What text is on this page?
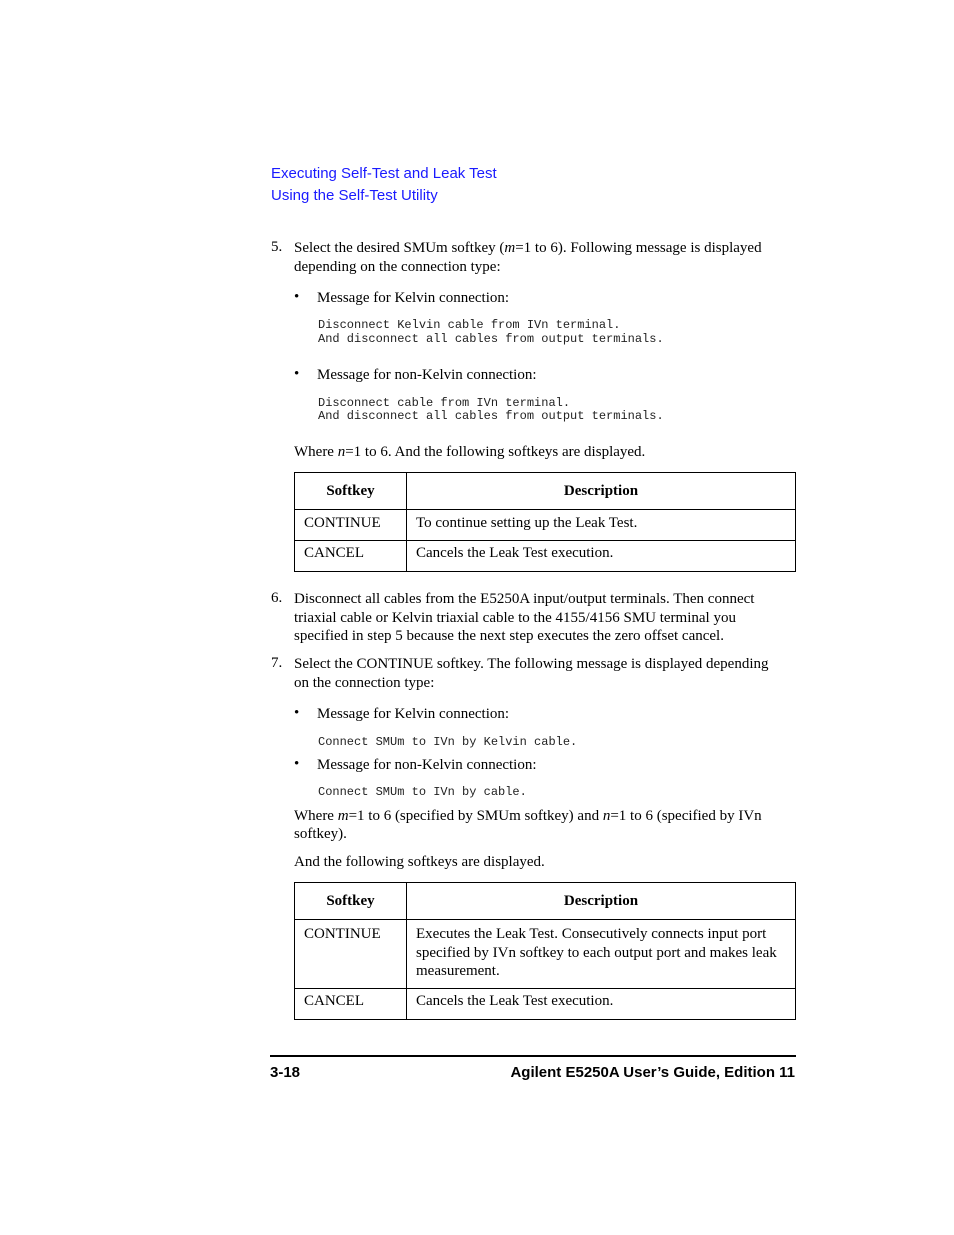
Executing Self-Test and Leak Test
Using the Self-Test Utility
5. Select the desired SMUm softkey (m=1 to 6). Following message is displayed
depending on the connection type:
• Message for Kelvin connection:
Disconnect Kelvin cable from IVn terminal.
And disconnect all cables from output terminals.
• Message for non-Kelvin connection:
Disconnect cable from IVn terminal.
And disconnect all cables from output terminals.
Where n=1 to 6. And the following softkeys are displayed.
Softkey	Description
CONTINUE	To continue setting up the Leak Test.
CANCEL	Cancels the Leak Test execution.
6. Disconnect all cables from the E5250A input/output terminals. Then connect
triaxial cable or Kelvin triaxial cable to the 4155/4156 SMU terminal you
specified in step 5 because the next step executes the zero offset cancel.
7. Select the CONTINUE softkey. The following message is displayed depending
on the connection type:
• Message for Kelvin connection:
Connect SMUm to IVn by Kelvin cable.
• Message for non-Kelvin connection:
Connect SMUm to IVn by cable.
Where m=1 to 6 (specified by SMUm softkey) and n=1 to 6 (specified by IVn
softkey).
And the following softkeys are displayed.
Softkey	Description
CONTINUE	Executes the Leak Test. Consecutively connects input port specified by IVn softkey to each output port and makes leak measurement.
CANCEL	Cancels the Leak Test execution.
3-18	Agilent E5250A User’s Guide, Edition 11
